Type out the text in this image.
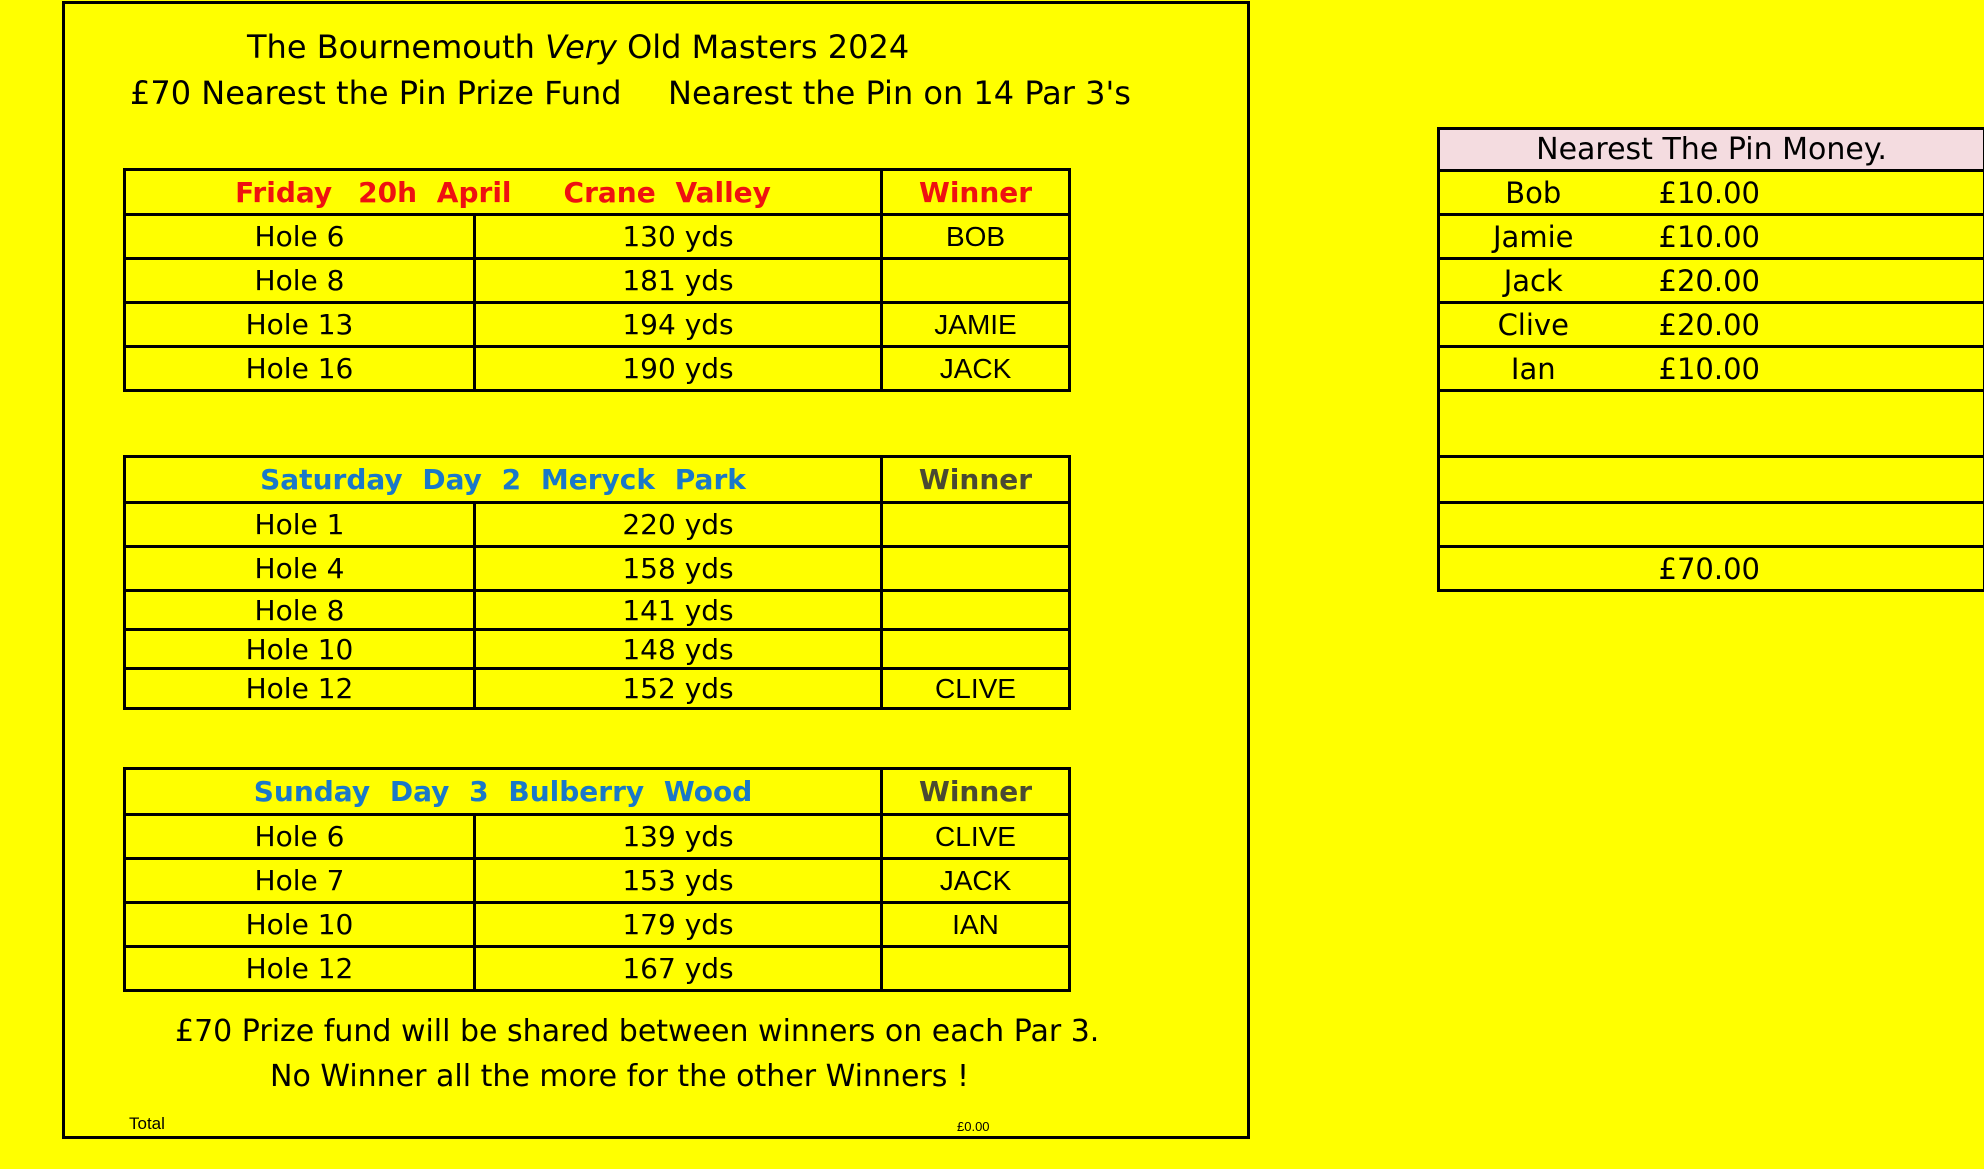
The Bournemouth Very Old Masters 2024
£70 Nearest the Pin Prize Fund Nearest the Pin on 14 Par 3's
Friday 20h April Crane Valley		Winner
Hole 6	130 yds	BOB
Hole 8	181 yds	
Hole 13	194 yds	JAMIE
Hole 16	190 yds	JACK
Saturday Day 2 Meryck Park		Winner
Hole 1	220 yds	
Hole 4	158 yds	
Hole 8	141 yds	
Hole 10	148 yds	
Hole 12	152 yds	CLIVE
Sunday Day 3 Bulberry Wood		Winner
Hole 6	139 yds	CLIVE
Hole 7	153 yds	JACK
Hole 10	179 yds	IAN
Hole 12	167 yds	
£70 Prize fund will be shared between winners on each Par 3.
No Winner all the more for the other Winners !
Total	£0.00
Nearest The Pin Money.	
Bob	£10.00
Jamie	£10.00
Jack	£20.00
Clive	£20.00
Ian	£10.00

	£70.00
